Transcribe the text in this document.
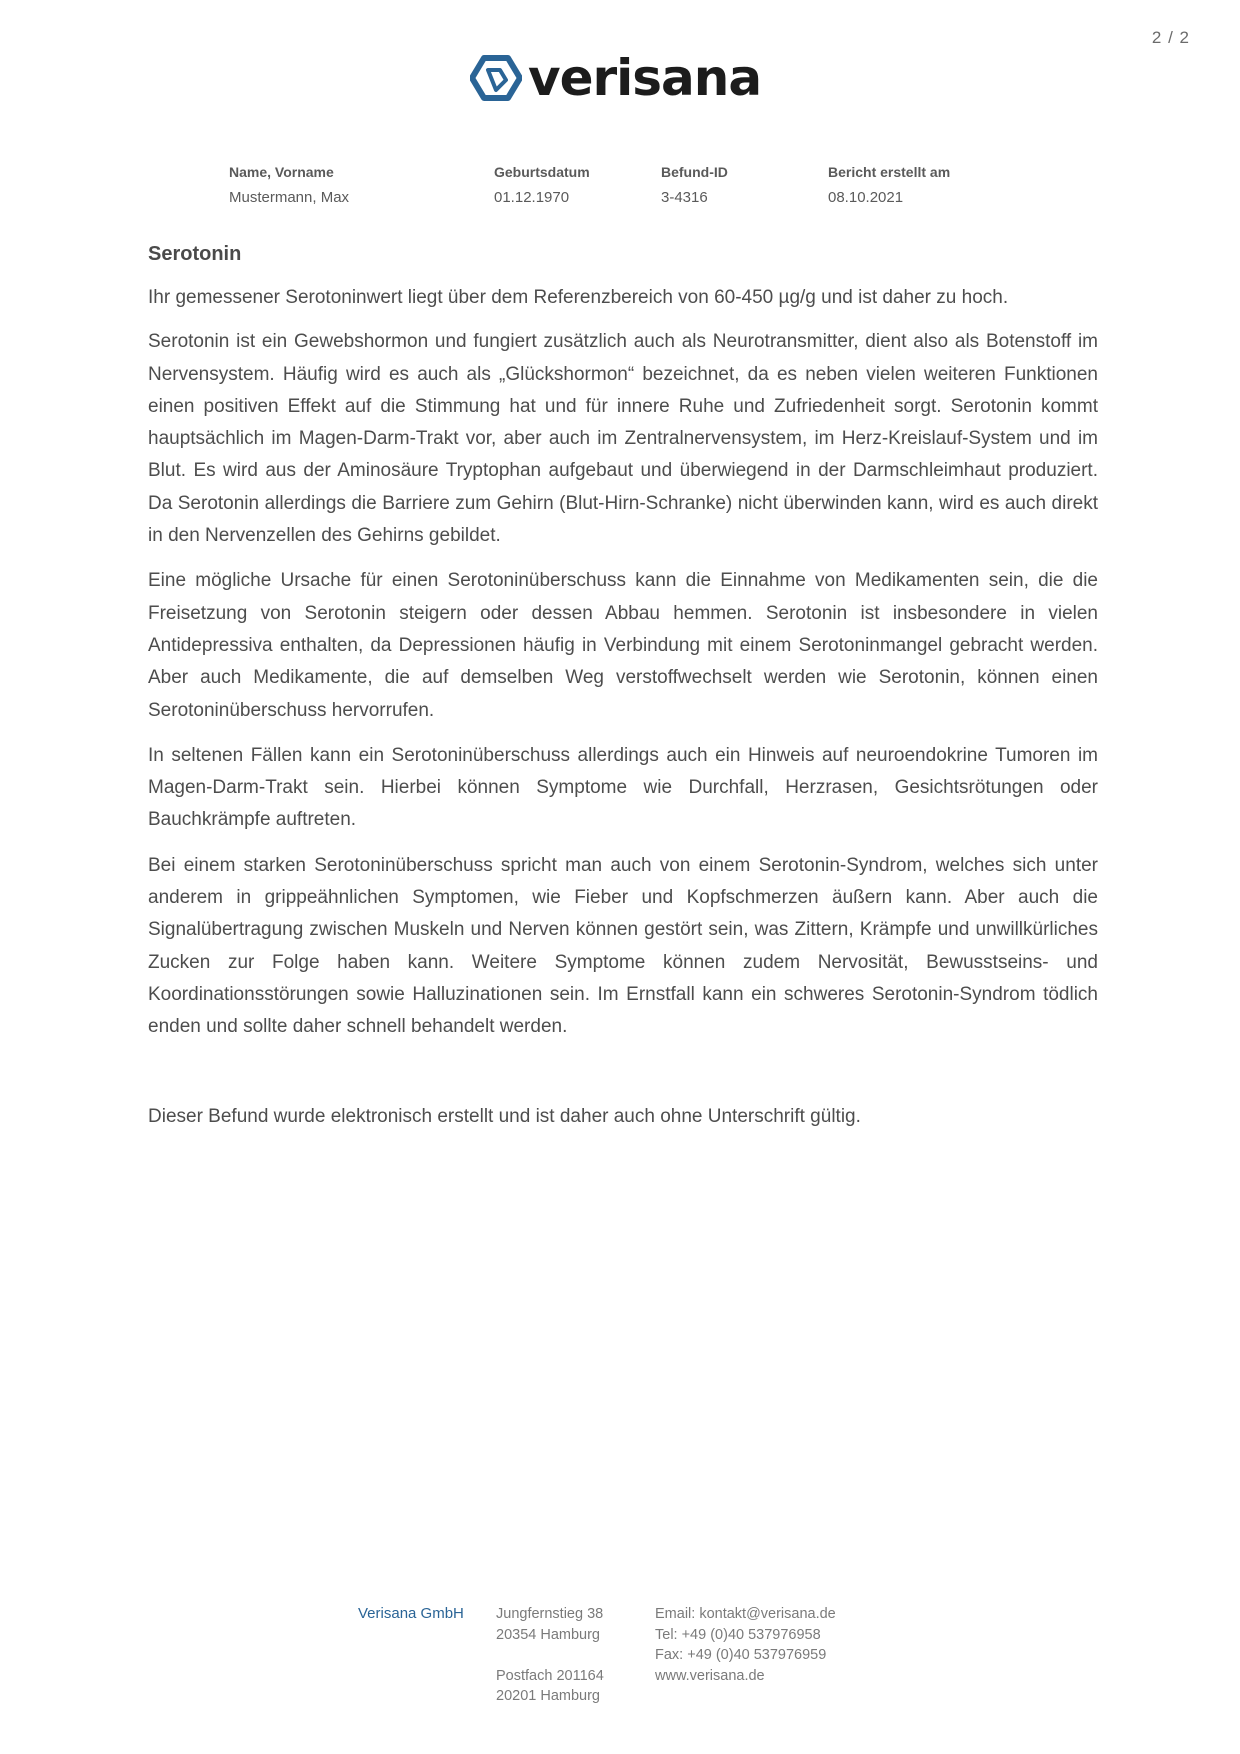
2 / 2
verisana
Name, Vorname
Mustermann, Max
Geburtsdatum
01.12.1970
Befund-ID
3-4316
Bericht erstellt am
08.10.2021
Serotonin

Ihr gemessener Serotoninwert liegt über dem Referenzbereich von 60-450 µg/g und ist daher zu hoch.

Serotonin ist ein Gewebshormon und fungiert zusätzlich auch als Neurotransmitter, dient also als Botenstoff im Nervensystem. Häufig wird es auch als „Glückshormon“ bezeichnet, da es neben vielen weiteren Funktionen einen positiven Effekt auf die Stimmung hat und für innere Ruhe und Zufriedenheit sorgt. Serotonin kommt hauptsächlich im Magen-Darm-Trakt vor, aber auch im Zentralnervensystem, im Herz-Kreislauf-System und im Blut. Es wird aus der Aminosäure Tryptophan aufgebaut und überwiegend in der Darmschleimhaut produziert. Da Serotonin allerdings die Barriere zum Gehirn (Blut-Hirn-Schranke) nicht überwinden kann, wird es auch direkt in den Nervenzellen des Gehirns gebildet.

Eine mögliche Ursache für einen Serotoninüberschuss kann die Einnahme von Medikamenten sein, die die Freisetzung von Serotonin steigern oder dessen Abbau hemmen. Serotonin ist insbesondere in vielen Antidepressiva enthalten, da Depressionen häufig in Verbindung mit einem Serotoninmangel gebracht werden. Aber auch Medikamente, die auf demselben Weg verstoffwechselt werden wie Serotonin, können einen Serotoninüberschuss hervorrufen.

In seltenen Fällen kann ein Serotoninüberschuss allerdings auch ein Hinweis auf neuroendokrine Tumoren im Magen-Darm-Trakt sein. Hierbei können Symptome wie Durchfall, Herzrasen, Gesichtsrötungen oder Bauchkrämpfe auftreten.

Bei einem starken Serotoninüberschuss spricht man auch von einem Serotonin-Syndrom, welches sich unter anderem in grippeähnlichen Symptomen, wie Fieber und Kopfschmerzen äußern kann. Aber auch die Signalübertragung zwischen Muskeln und Nerven können gestört sein, was Zittern, Krämpfe und unwillkürliches Zucken zur Folge haben kann. Weitere Symptome können zudem Nervosität, Bewusstseins- und Koordinationsstörungen sowie Halluzinationen sein. Im Ernstfall kann ein schweres Serotonin-Syndrom tödlich enden und sollte daher schnell behandelt werden.

Dieser Befund wurde elektronisch erstellt und ist daher auch ohne Unterschrift gültig.

Verisana GmbH Jungfernstieg 38
20354 Hamburg
Postfach 201164
20201 Hamburg
Email: kontakt@verisana.de
Tel: +49 (0)40 537976958
Fax: +49 (0)40 537976959
www.verisana.de
